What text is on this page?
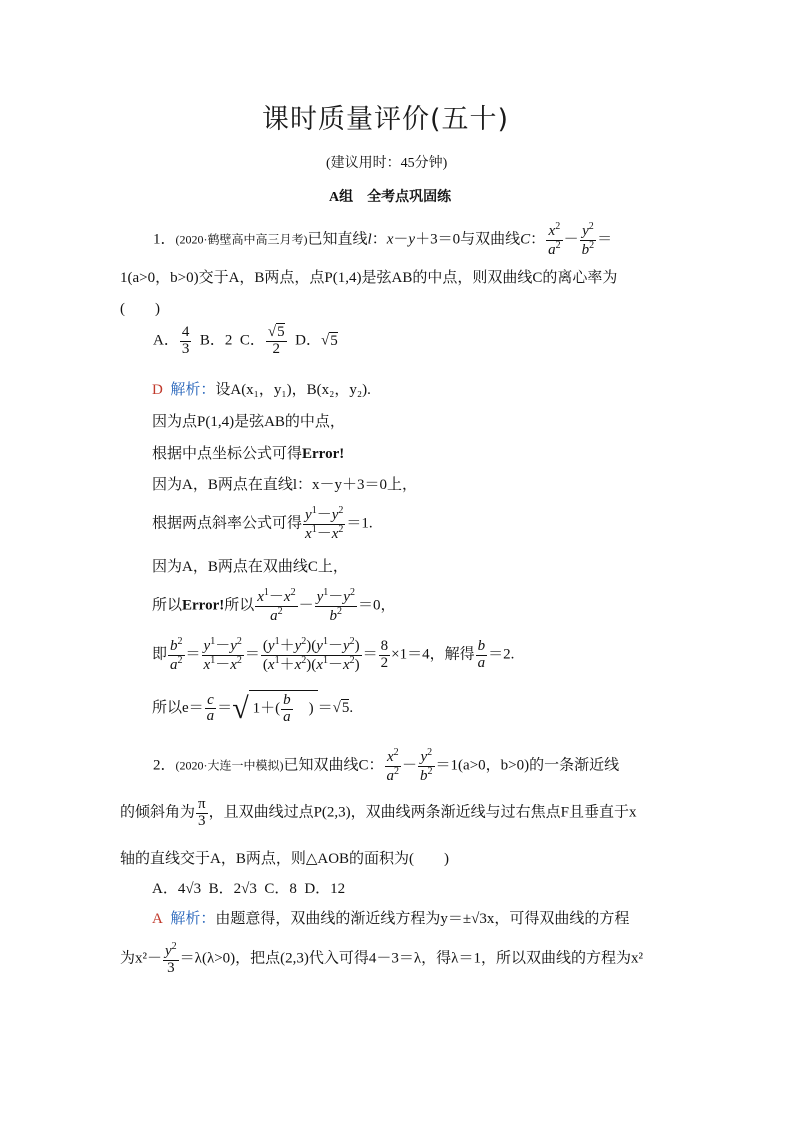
课时质量评价(五十)
(建议用时：45分钟)
A组　全考点巩固练
1．(2020·鹤壁高中高三月考)已知直线l：x－y＋3＝0与双曲线C： $\frac{x^2}{a^2} - \frac{y^2}{b^2}$ ＝
1(a>0，b>0)交于A，B两点，点P(1,4)是弦AB的中点，则双曲线C的离心率为
(　　)
A． $\frac{4}{3}$ B．2 C． $\frac{√5}{2}$ D．√5
D 解析：设A(x₁，y₁)，B(x₂，y₂).
因为点P(1,4)是弦AB的中点，
根据中点坐标公式可得Error!
因为A，B两点在直线l：x－y＋3＝0上，
根据两点斜率公式可得 $\frac{y^1-y^2}{x^1-x^2} =1$.
因为A，B两点在双曲线C上，
所以Error!所以 $\frac{x^1-x^2}{a^2} - \frac{y^1-y^2}{b^2} =0$，
即 $\frac{b^2}{a^2} = \frac{y^1-y^2}{x^1-x^2} = \frac{(y^1+y^2)(y^1-y^2)}{(x^1+x^2)(x^1-x^2)} = \frac{8}{2} \times 1=4$，解得 $\frac{b}{a} =2$.
所以$e= \frac{c}{a}$ ＝√ $1+( \frac{b}{a}$ 　) ＝√5.
2．(2020·大连一中模拟)已知双曲线C： $\frac{x^2}{a^2} - \frac{y^2}{b^2} =1(a>0$，b>0)的一条渐近线
的倾斜角为 $\frac{\pi}{3}$ ，且双曲线过点P(2,3)，双曲线两条渐近线与过右焦点F且垂直于x
轴的直线交于A，B两点，则△AOB的面积为(　　)
A．4√3 B．2√3 C．8 D．12
A 解析：由题意得，双曲线的渐近线方程为y＝±√3x，可得双曲线的方程
为$x^2- \frac{y^2}{3} =\lambda(\lambda>0)$，把点(2,3)代入可得4－3＝λ，得λ＝1，所以双曲线的方程为x²
